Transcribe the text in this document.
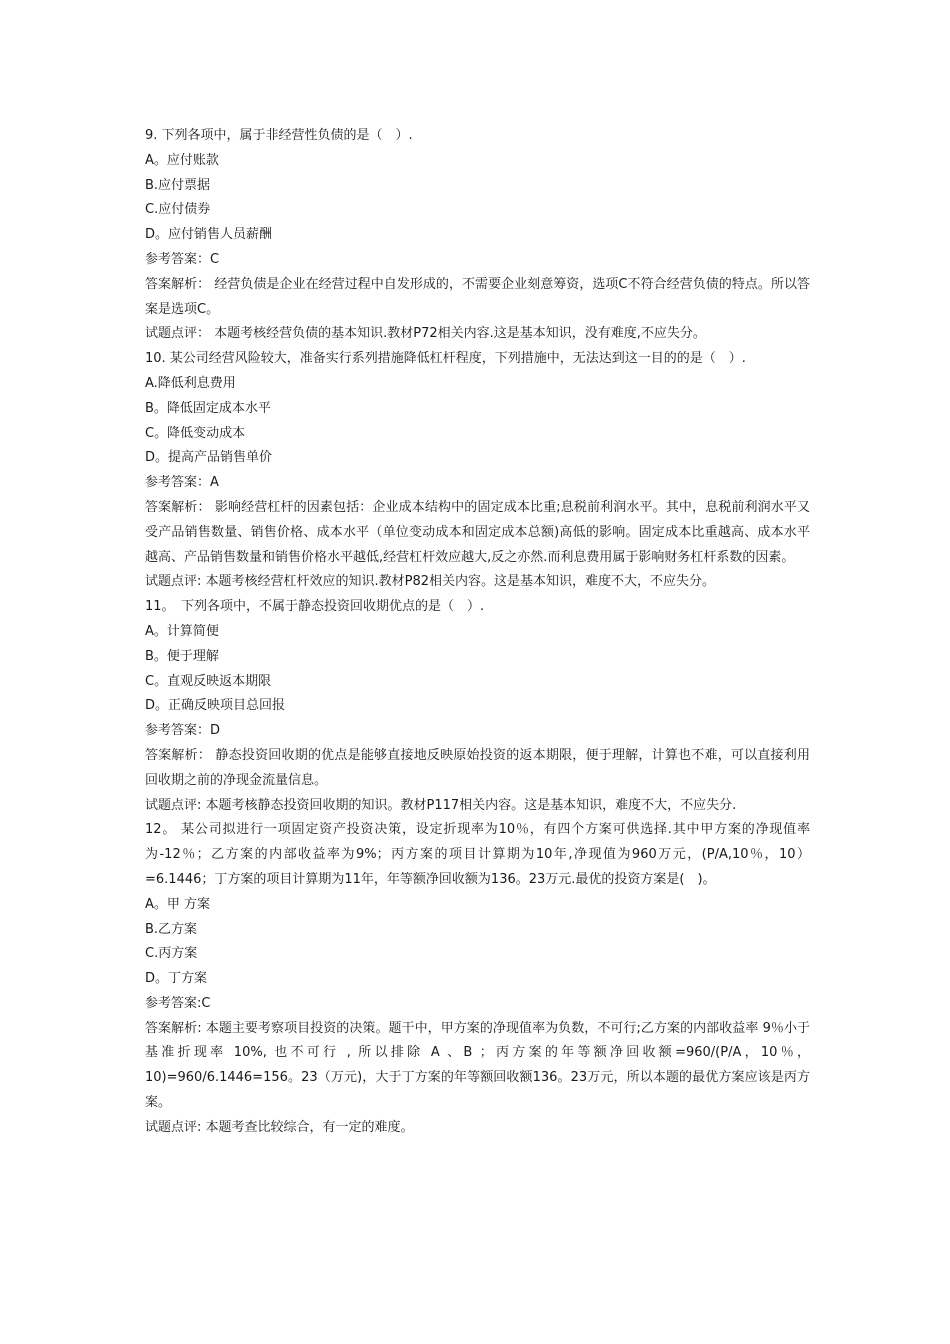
9. 下列各项中，属于非经营性负债的是（　）.
A。应付账款
B.应付票据
C.应付债券
D。应付销售人员薪酬
参考答案：C
答案解析： 经营负债是企业在经营过程中自发形成的，不需要企业刻意筹资，选项C不符合经营负债的特点。所以答案是选项C。
试题点评： 本题考核经营负债的基本知识.教材P72相关内容.这是基本知识，没有难度,不应失分。
10. 某公司经营风险较大，准备实行系列措施降低杠杆程度，下列措施中，无法达到这一目的的是（　）.
A.降低利息费用
B。降低固定成本水平
C。降低变动成本
D。提高产品销售单价
参考答案：A
答案解析： 影响经营杠杆的因素包括：企业成本结构中的固定成本比重;息税前利润水平。其中，息税前利润水平又受产品销售数量、销售价格、成本水平（单位变动成本和固定成本总额)高低的影响。固定成本比重越高、成本水平越高、产品销售数量和销售价格水平越低,经营杠杆效应越大,反之亦然.而利息费用属于影响财务杠杆系数的因素。
试题点评: 本题考核经营杠杆效应的知识.教材P82相关内容。这是基本知识，难度不大，不应失分。
11。　下列各项中，不属于静态投资回收期优点的是（　）.
A。计算简便
B。便于理解
C。直观反映返本期限
D。正确反映项目总回报
参考答案：D
答案解析： 静态投资回收期的优点是能够直接地反映原始投资的返本期限，便于理解，计算也不难，可以直接利用回收期之前的净现金流量信息。
试题点评: 本题考核静态投资回收期的知识。教材P117相关内容。这是基本知识，难度不大，不应失分.
12。 某公司拟进行一项固定资产投资决策，设定折现率为10％，有四个方案可供选择.其中甲方案的净现值率为-12％；乙方案的内部收益率为9%；丙方案的项目计算期为10年,净现值为960万元，(P/A,10％，10）=6.1446；丁方案的项目计算期为11年，年等额净回收额为136。23万元.最优的投资方案是(　)。
A。甲 方案
B.乙方案
C.丙方案
D。丁方案
参考答案:C
答案解析: 本题主要考察项目投资的决策。题干中，甲方案的净现值率为负数，不可行;乙方案的内部收益率 9％小于基准折现率 10%, 也不可行 , 所以排除 A 、B ；丙方案的年等额净回收额=960/(P/A，10％，10)=960/6.1446=156。23（万元)，大于丁方案的年等额回收额136。23万元，所以本题的最优方案应该是丙方案。
试题点评: 本题考查比较综合，有一定的难度。
